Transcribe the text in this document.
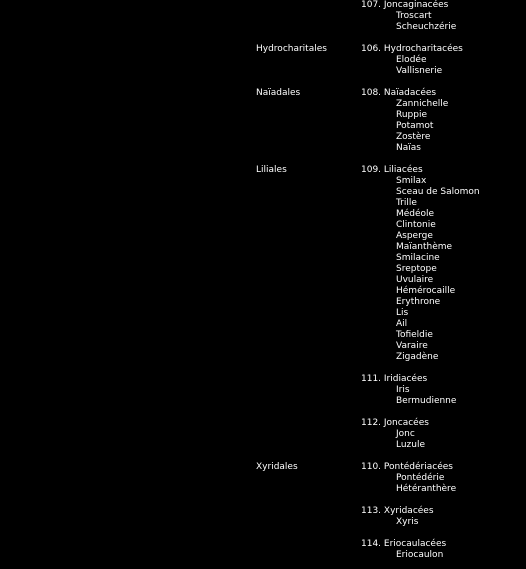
107. Joncaginacées
Troscart
Scheuchzérie
Hydrocharitales	106. Hydrocharitacées
Elodée
Vallisnerie
Naïadales	108. Naïadacées
Zannichelle
Ruppie
Potamot
Zostère
Naïas
Liliales	109. Liliacées
Smilax
Sceau de Salomon
Trille
Médéole
Clintonie
Asperge
Maïanthème
Smilacine
Sreptope
Uvulaire
Hémérocaille
Erythrone
Lis
Ail
Tofieldie
Varaire
Zigadène
111. Iridiacées
Iris
Bermudienne
112. Joncacées
Jonc
Luzule
Xyridales	110. Pontédériacées
Pontédérie
Hétéranthère
113. Xyridacées
Xyris
114. Eriocaulacées
Eriocaulon
